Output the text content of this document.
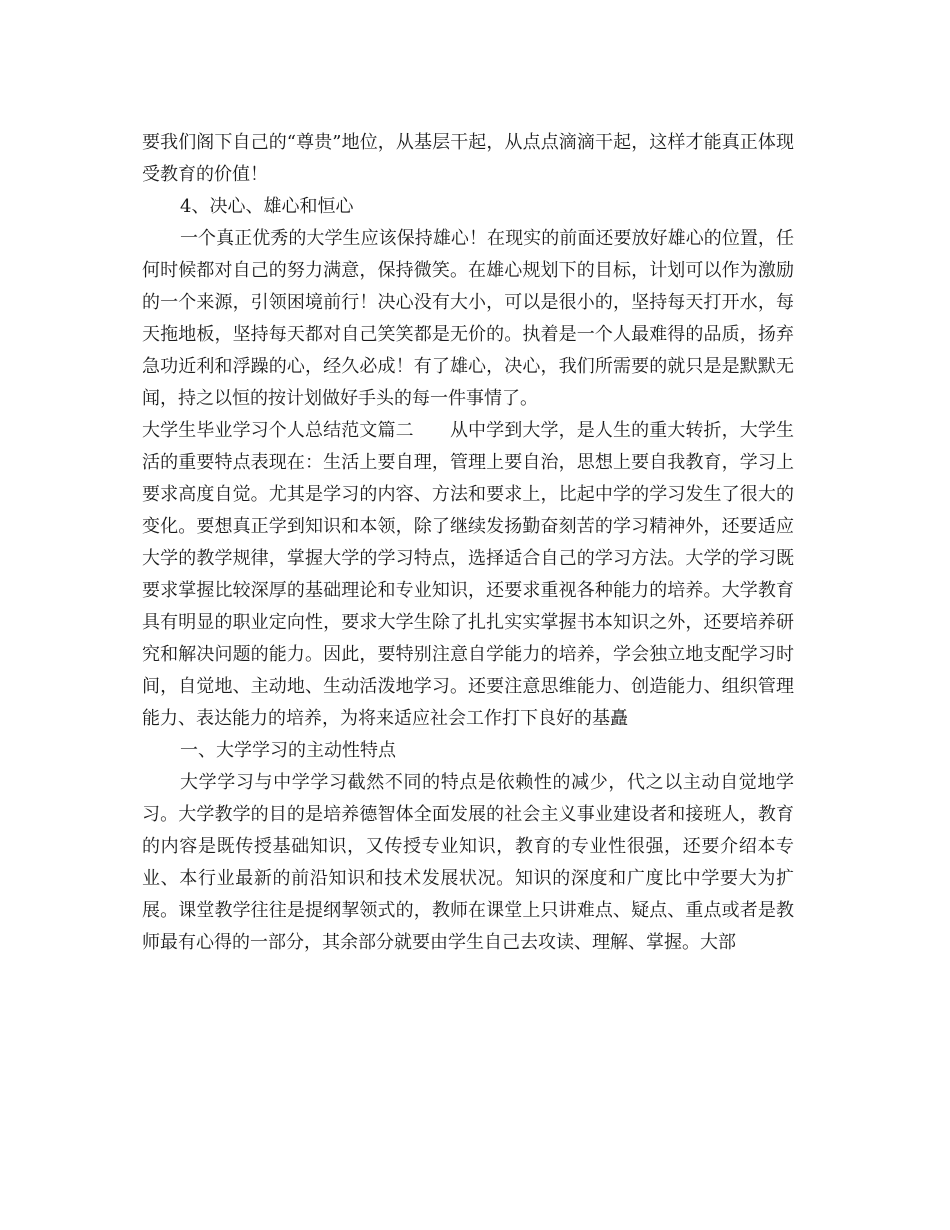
要我们阁下自己的“尊贵”地位，从基层干起，从点点滴滴干起，这样才能真正体现受教育的价值！

4、决心、雄心和恒心

一个真正优秀的大学生应该保持雄心！在现实的前面还要放好雄心的位置，任何时候都对自己的努力满意，保持微笑。在雄心规划下的目标，计划可以作为激励的一个来源，引领困境前行！决心没有大小，可以是很小的，坚持每天打开水，每天拖地板，坚持每天都对自己笑笑都是无价的。执着是一个人最难得的品质，扬弃急功近利和浮躁的心，经久必成！有了雄心，决心，我们所需要的就只是是默默无闻，持之以恒的按计划做好手头的每一件事情了。

大学生毕业学习个人总结范文篇二　　从中学到大学，是人生的重大转折，大学生活的重要特点表现在：生活上要自理，管理上要自治，思想上要自我教育，学习上要求高度自觉。尤其是学习的内容、方法和要求上，比起中学的学习发生了很大的变化。要想真正学到知识和本领，除了继续发扬勤奋刻苦的学习精神外，还要适应大学的教学规律，掌握大学的学习特点，选择适合自己的学习方法。大学的学习既要求掌握比较深厚的基础理论和专业知识，还要求重视各种能力的培养。大学教育具有明显的职业定向性，要求大学生除了扎扎实实掌握书本知识之外，还要培养研究和解决问题的能力。因此，要特别注意自学能力的培养，学会独立地支配学习时间，自觉地、主动地、生动活泼地学习。还要注意思维能力、创造能力、组织管理能力、表达能力的培养，为将来适应社会工作打下良好的基矗

一、大学学习的主动性特点

大学学习与中学学习截然不同的特点是依赖性的减少，代之以主动自觉地学习。大学教学的目的是培养德智体全面发展的社会主义事业建设者和接班人，教育的内容是既传授基础知识，又传授专业知识，教育的专业性很强，还要介绍本专业、本行业最新的前沿知识和技术发展状况。知识的深度和广度比中学要大为扩展。课堂教学往往是提纲挈领式的，教师在课堂上只讲难点、疑点、重点或者是教师最有心得的一部分，其余部分就要由学生自己去攻读、理解、掌握。大部
